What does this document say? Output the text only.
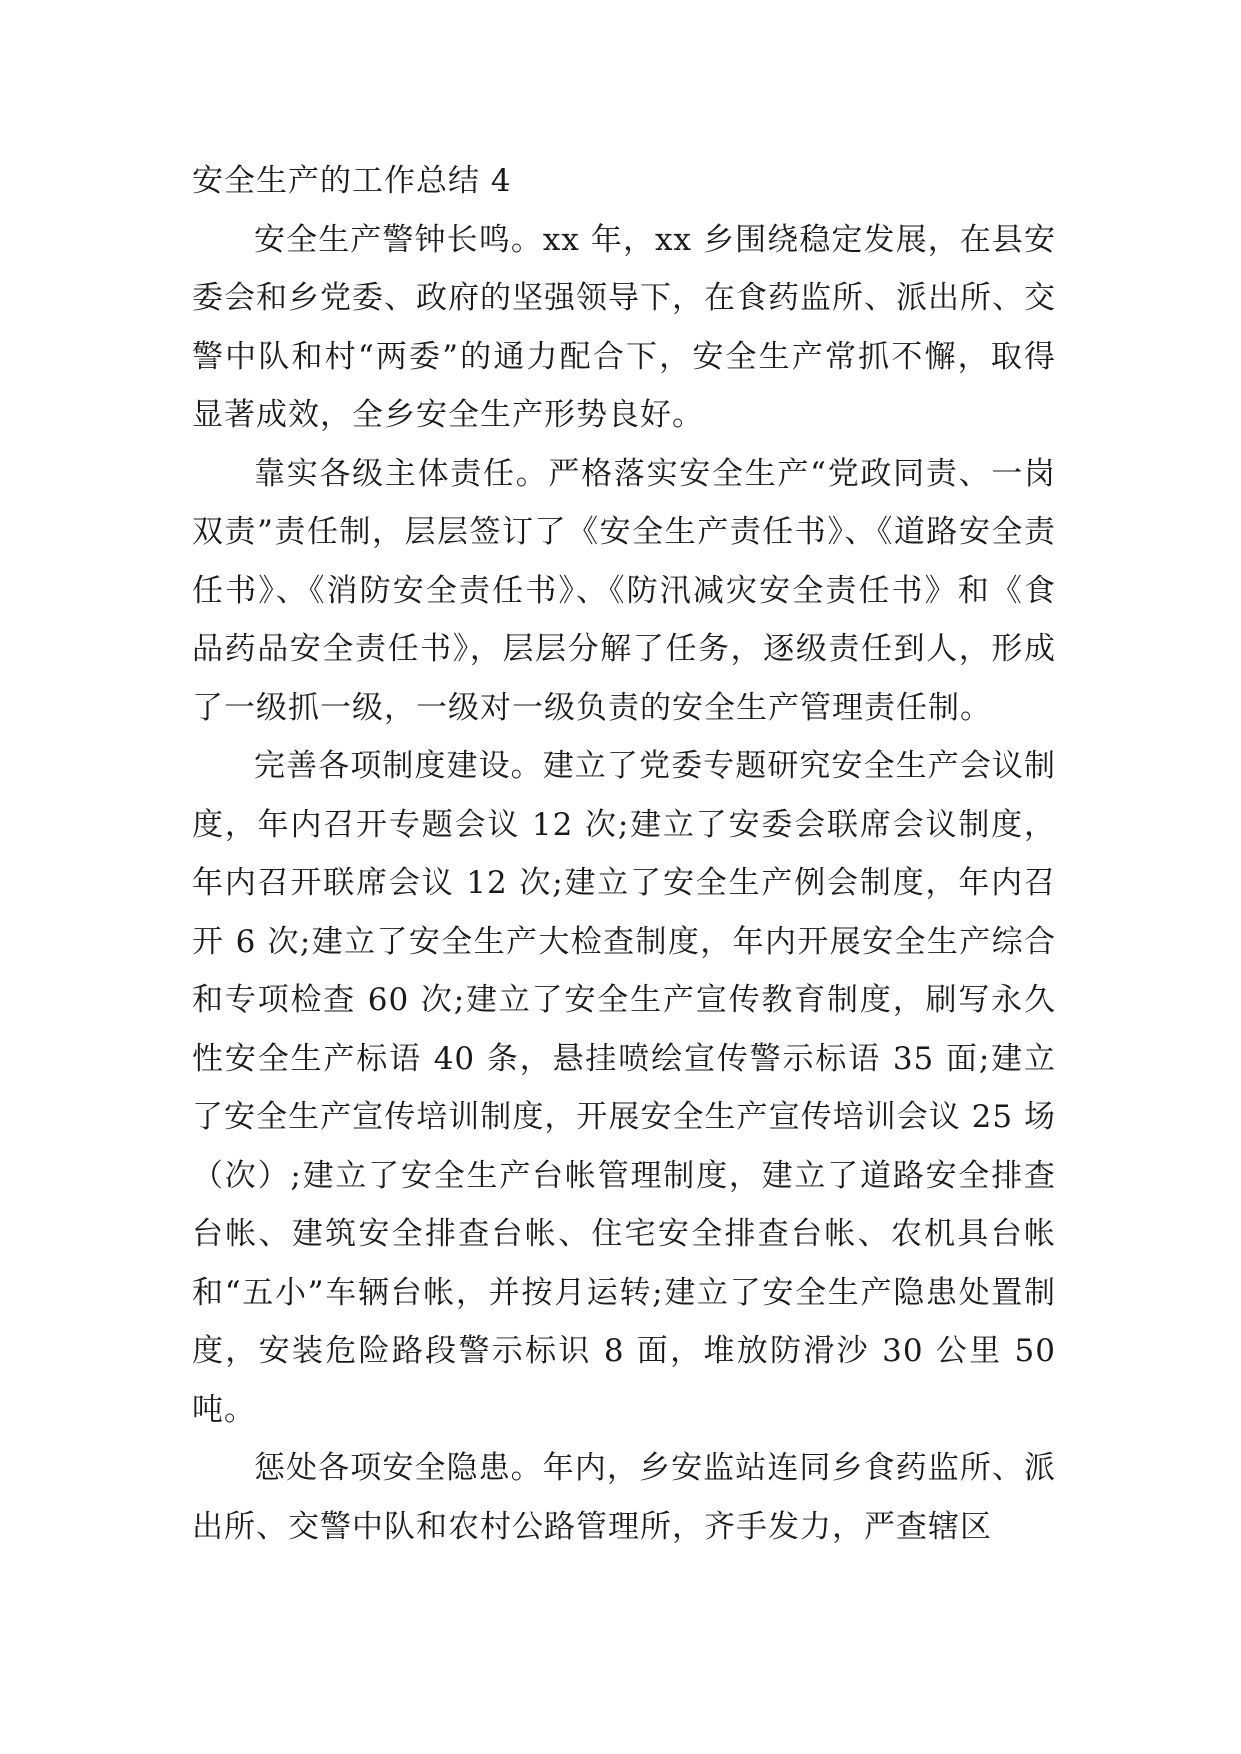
安全生产的工作总结 4

安全生产警钟长鸣。xx 年，xx 乡围绕稳定发展，在县安委会和乡党委、政府的坚强领导下，在食药监所、派出所、交警中队和村“两委”的通力配合下，安全生产常抓不懈，取得显著成效，全乡安全生产形势良好。

靠实各级主体责任。严格落实安全生产“党政同责、一岗双责”责任制，层层签订了《安全生产责任书》、《道路安全责任书》、《消防安全责任书》、《防汛减灾安全责任书》和《食品药品安全责任书》，层层分解了任务，逐级责任到人，形成了一级抓一级，一级对一级负责的安全生产管理责任制。

完善各项制度建设。建立了党委专题研究安全生产会议制度，年内召开专题会议 12 次;建立了安委会联席会议制度，年内召开联席会议 12 次;建立了安全生产例会制度，年内召开 6 次;建立了安全生产大检查制度，年内开展安全生产综合和专项检查 60 次;建立了安全生产宣传教育制度，刷写永久性安全生产标语 40 条，悬挂喷绘宣传警示标语 35 面;建立了安全生产宣传培训制度，开展安全生产宣传培训会议 25 场（次）;建立了安全生产台帐管理制度，建立了道路安全排查台帐、建筑安全排查台帐、住宅安全排查台帐、农机具台帐和“五小”车辆台帐，并按月运转;建立了安全生产隐患处置制度，安装危险路段警示标识 8 面，堆放防滑沙 30 公里 50 吨。

惩处各项安全隐患。年内，乡安监站连同乡食药监所、派出所、交警中队和农村公路管理所，齐手发力，严查辖区
